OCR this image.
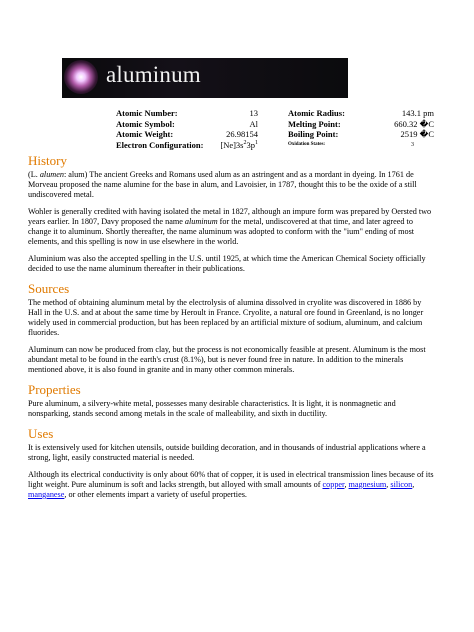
aluminum
Atomic Number:	13	Atomic Radius:	143.1 pm
Atomic Symbol:	Al	Melting Point:	660.32 �C
Atomic Weight:	26.98154	Boiling Point:	2519 �C
Electron Configuration: $[Ne]3s^23p^1$	Oxidation States:	3
History

(L. alumen: alum) The ancient Greeks and Romans used alum as an astringent and as a mordant in dyeing. In 1761 de Morveau proposed the name alumine for the base in alum, and Lavoisier, in 1787, thought this to be the oxide of a still undiscovered metal.

Wohler is generally credited with having isolated the metal in 1827, although an impure form was prepared by Oersted two years earlier. In 1807, Davy proposed the name aluminum for the metal, undiscovered at that time, and later agreed to change it to aluminum. Shortly thereafter, the name aluminum was adopted to conform with the "ium" ending of most elements, and this spelling is now in use elsewhere in the world.

Aluminium was also the accepted spelling in the U.S. until 1925, at which time the American Chemical Society officially decided to use the name aluminum thereafter in their publications.

Sources

The method of obtaining aluminum metal by the electrolysis of alumina dissolved in cryolite was discovered in 1886 by Hall in the U.S. and at about the same time by Heroult in France. Cryolite, a natural ore found in Greenland, is no longer widely used in commercial production, but has been replaced by an artificial mixture of sodium, aluminum, and calcium fluorides.

Aluminum can now be produced from clay, but the process is not economically feasible at present. Aluminum is the most abundant metal to be found in the earth's crust (8.1%), but is never found free in nature. In addition to the minerals mentioned above, it is also found in granite and in many other common minerals.

Properties

Pure aluminum, a silvery-white metal, possesses many desirable characteristics. It is light, it is nonmagnetic and nonsparking, stands second among metals in the scale of malleability, and sixth in ductility.

Uses

It is extensively used for kitchen utensils, outside building decoration, and in thousands of industrial applications where a strong, light, easily constructed material is needed.

Although its electrical conductivity is only about 60% that of copper, it is used in electrical transmission lines because of its light weight. Pure aluminum is soft and lacks strength, but alloyed with small amounts of copper, magnesium, silicon, manganese, or other elements impart a variety of useful properties.
